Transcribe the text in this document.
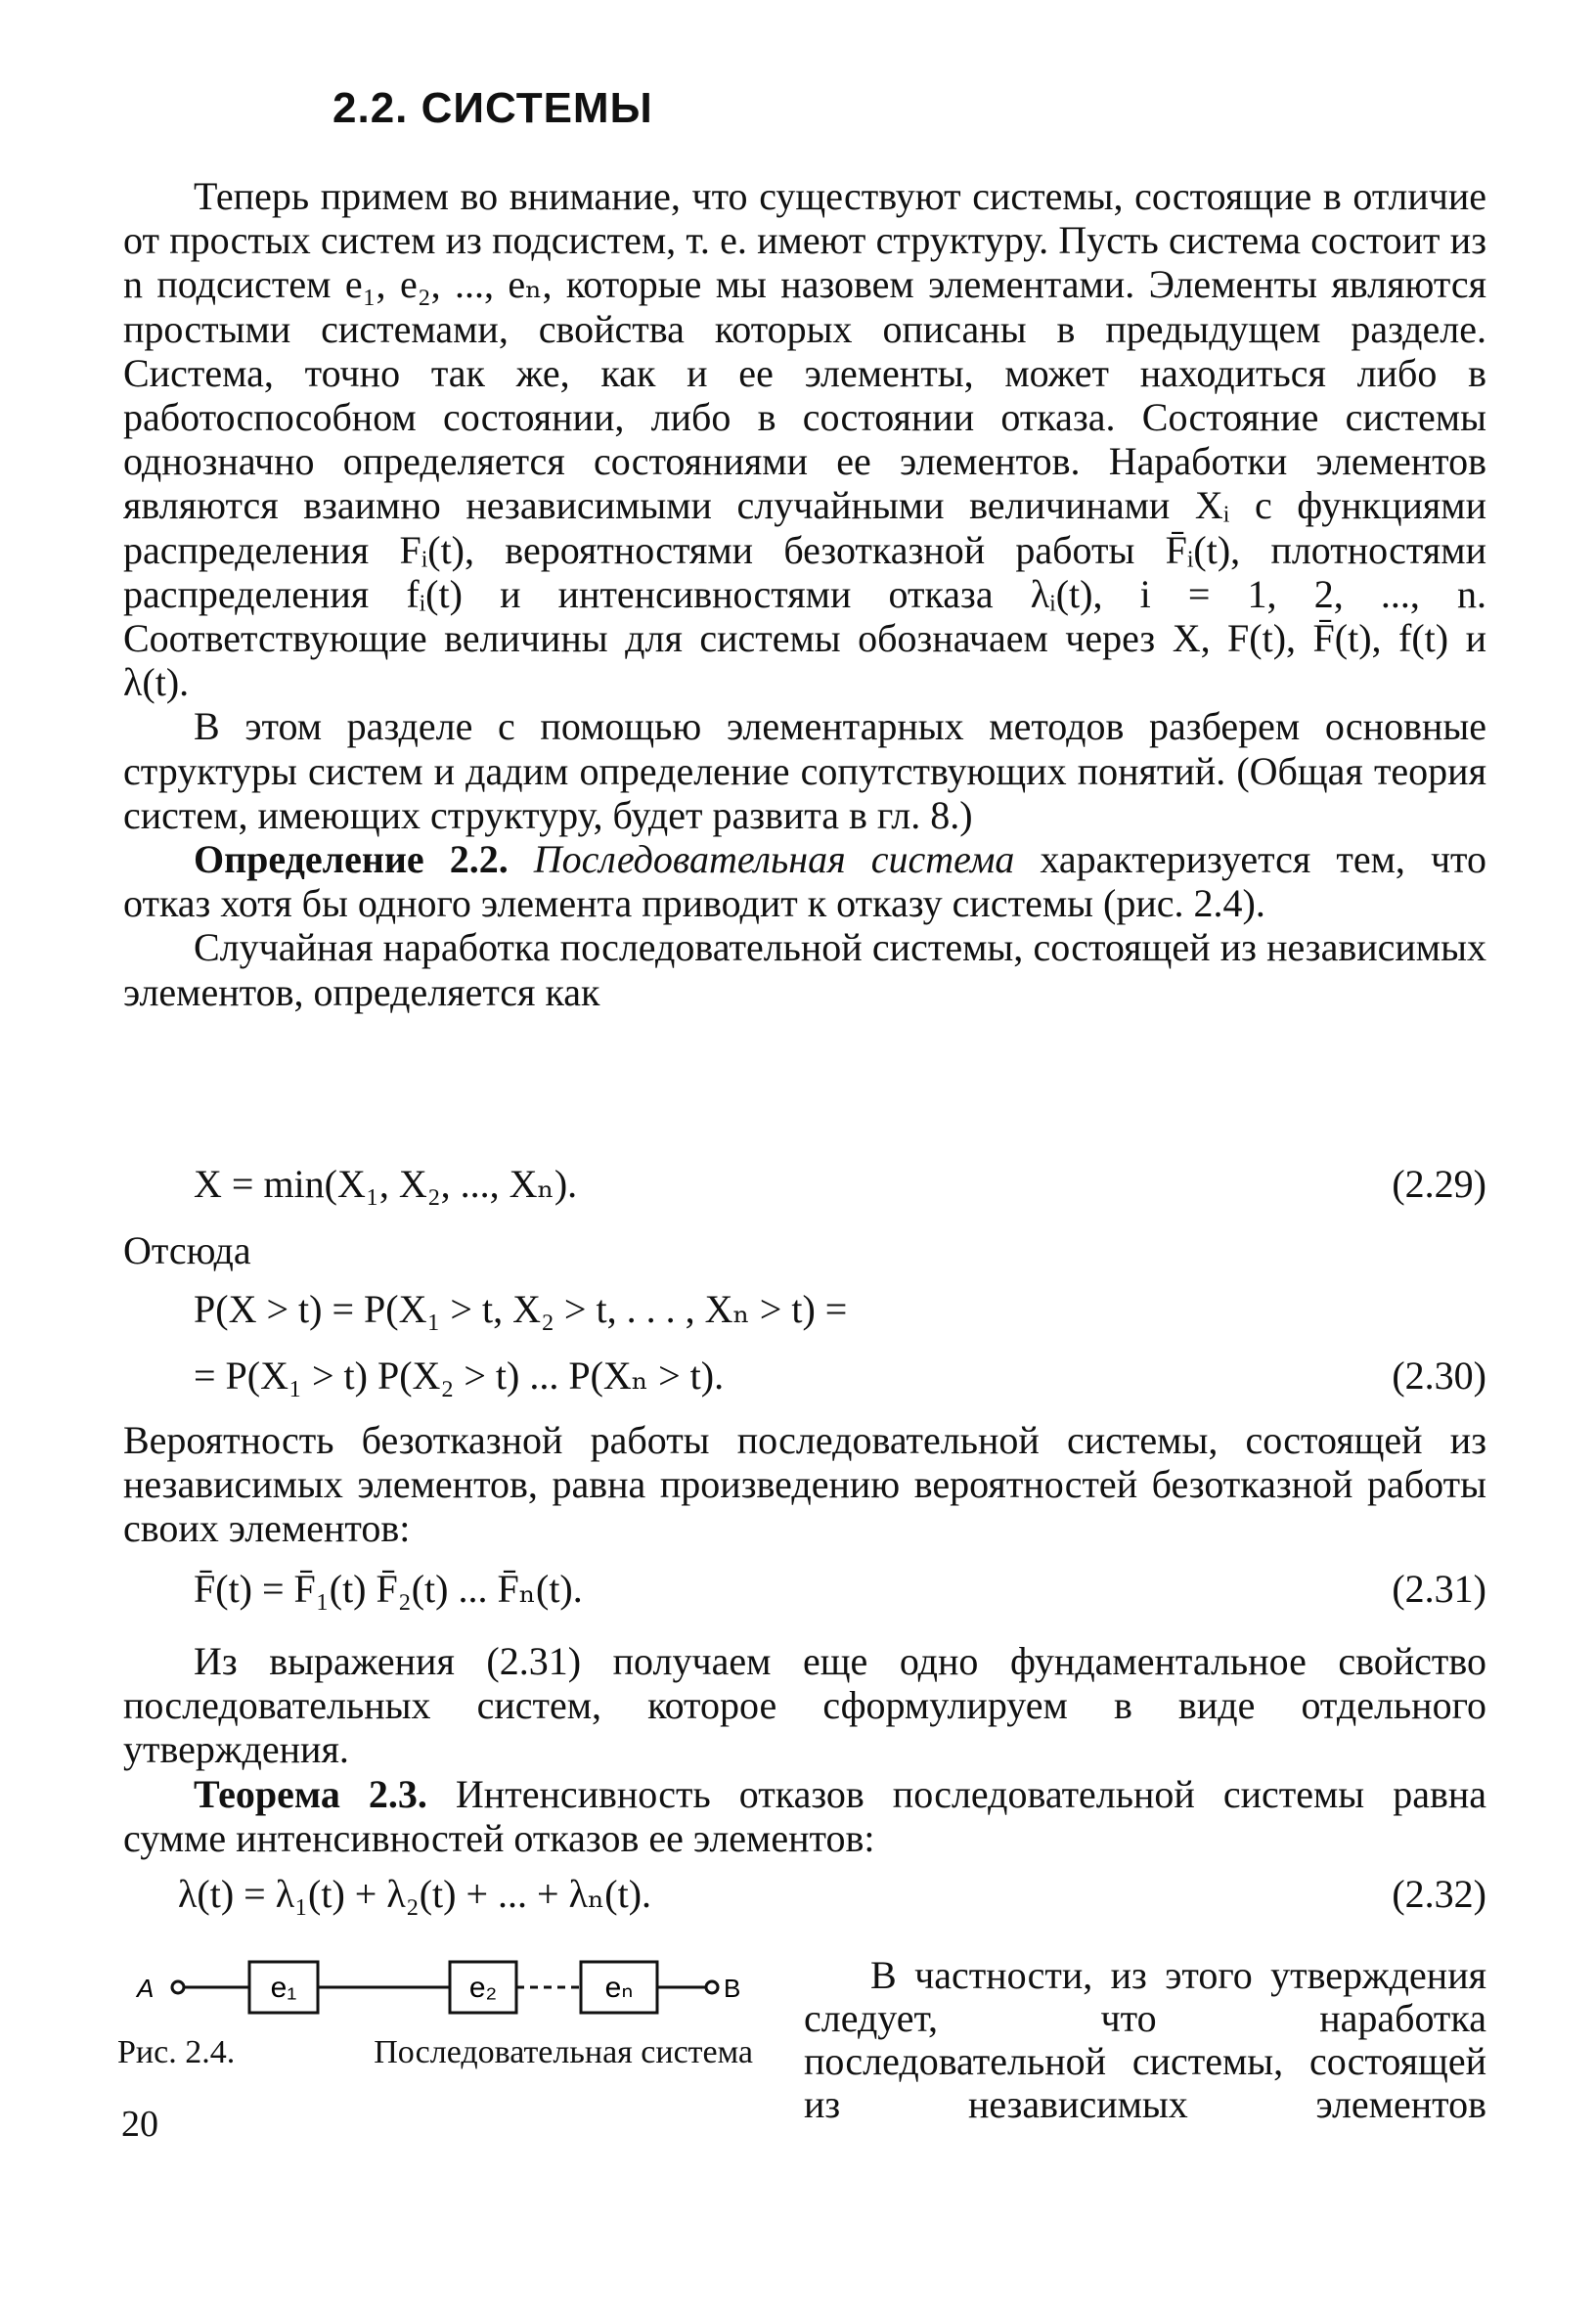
2.2. СИСТЕМЫ

Теперь примем во внимание, что существуют системы, состоящие в отличие от простых систем из подсистем, т. е. имеют структуру. Пусть система состоит из n подсистем e₁, e₂, ..., eₙ, которые мы назовем элементами. Элементы являются простыми системами, свойства которых описаны в предыдущем разделе. Система, точно так же, как и ее элементы, может находиться либо в работоспособном состоянии, либо в состоянии отказа. Состояние системы однозначно определяется состояниями ее элементов. Наработки элементов являются взаимно независимыми случайными величинами Xᵢ с функциями распределения Fᵢ(t), вероятностями безотказной работы F̄ᵢ(t), плотностями распределения fᵢ(t) и интенсивностями отказа λᵢ(t), i = 1, 2, ..., n. Соответствующие величины для системы обозначаем через X, F(t), F̄(t), f(t) и λ(t).

В этом разделе с помощью элементарных методов разберем основные структуры систем и дадим определение сопутствующих понятий. (Общая теория систем, имеющих структуру, будет развита в гл. 8.)

Определение 2.2. Последовательная система характеризуется тем, что отказ хотя бы одного элемента приводит к отказу системы (рис. 2.4).

Случайная наработка последовательной системы, состоящей из независимых элементов, определяется как

X = min(X₁, X₂, ..., Xₙ).	(2.29)

Отсюда

P(X > t) = P(X₁ > t, X₂ > t, . . . , Xₙ > t) =
= P(X₁ > t) P(X₂ > t) ... P(Xₙ > t).	(2.30)

Вероятность безотказной работы последовательной системы, состоящей из независимых элементов, равна произведению вероятностей безотказной работы своих элементов:

F̄(t) = F̄₁(t) F̄₂(t) ... F̄ₙ(t).	(2.31)

Из выражения (2.31) получаем еще одно фундаментальное свойство последовательных систем, которое сформулируем в виде отдельного утверждения.

Теорема 2.3. Интенсивность отказов последовательной системы равна сумме интенсивностей отказов ее элементов:

λ(t) = λ₁(t) + λ₂(t) + ... + λₙ(t).	(2.32)
A	e₁	e₂	eₙ	B
Рис. 2.4.	Последовательная система

В частности, из этого утверждения следует, что наработка последовательной системы, состоящей из независимых элементов

20
